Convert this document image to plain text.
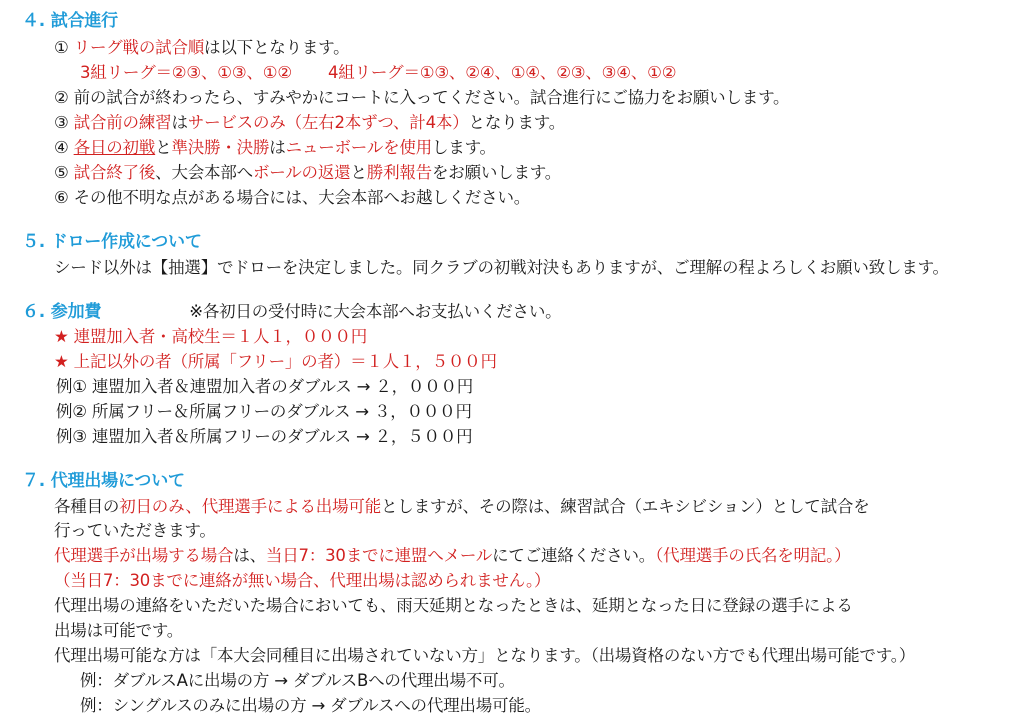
４. 試合進行
① リーグ戦の試合順は以下となります。
3組リーグ＝②③、①③、①② 4組リーグ＝①③、②④、①④、②③、③④、①②
② 前の試合が終わったら、すみやかにコートに入ってください。試合進行にご協力をお願いします。
③ 試合前の練習はサービスのみ（左右2本ずつ、計4本）となります。
④ 各日の初戦と準決勝・決勝はニューボールを使用します。
⑤ 試合終了後、大会本部へボールの返還と勝利報告をお願いします。
⑥ その他不明な点がある場合には、大会本部へお越しください。
５. ドロー作成について
シード以外は【抽選】でドローを決定しました。同クラブの初戦対決もありますが、ご理解の程よろしくお願い致します。
６. 参加費	※各初日の受付時に大会本部へお支払いください。
★ 連盟加入者・高校生＝１人１，０００円
★ 上記以外の者（所属「フリー」の者）＝１人１，５００円
例① 連盟加入者＆連盟加入者のダブルス → ２，０００円
例② 所属フリー＆所属フリーのダブルス → ３，０００円
例③ 連盟加入者＆所属フリーのダブルス → ２，５００円
７. 代理出場について
各種目の初日のみ、代理選手による出場可能としますが、その際は、練習試合（エキシビション）として試合を
行っていただきます。
代理選手が出場する場合は、当日7：30までに連盟へメールにてご連絡ください。（代理選手の氏名を明記。）
（当日7：30までに連絡が無い場合、代理出場は認められません。）
代理出場の連絡をいただいた場合においても、雨天延期となったときは、延期となった日に登録の選手による
出場は可能です。
代理出場可能な方は「本大会同種目に出場されていない方」となります。（出場資格のない方でも代理出場可能です。）
例：ダブルスAに出場の方 → ダブルスBへの代理出場不可。
例：シングルスのみに出場の方 → ダブルスへの代理出場可能。
